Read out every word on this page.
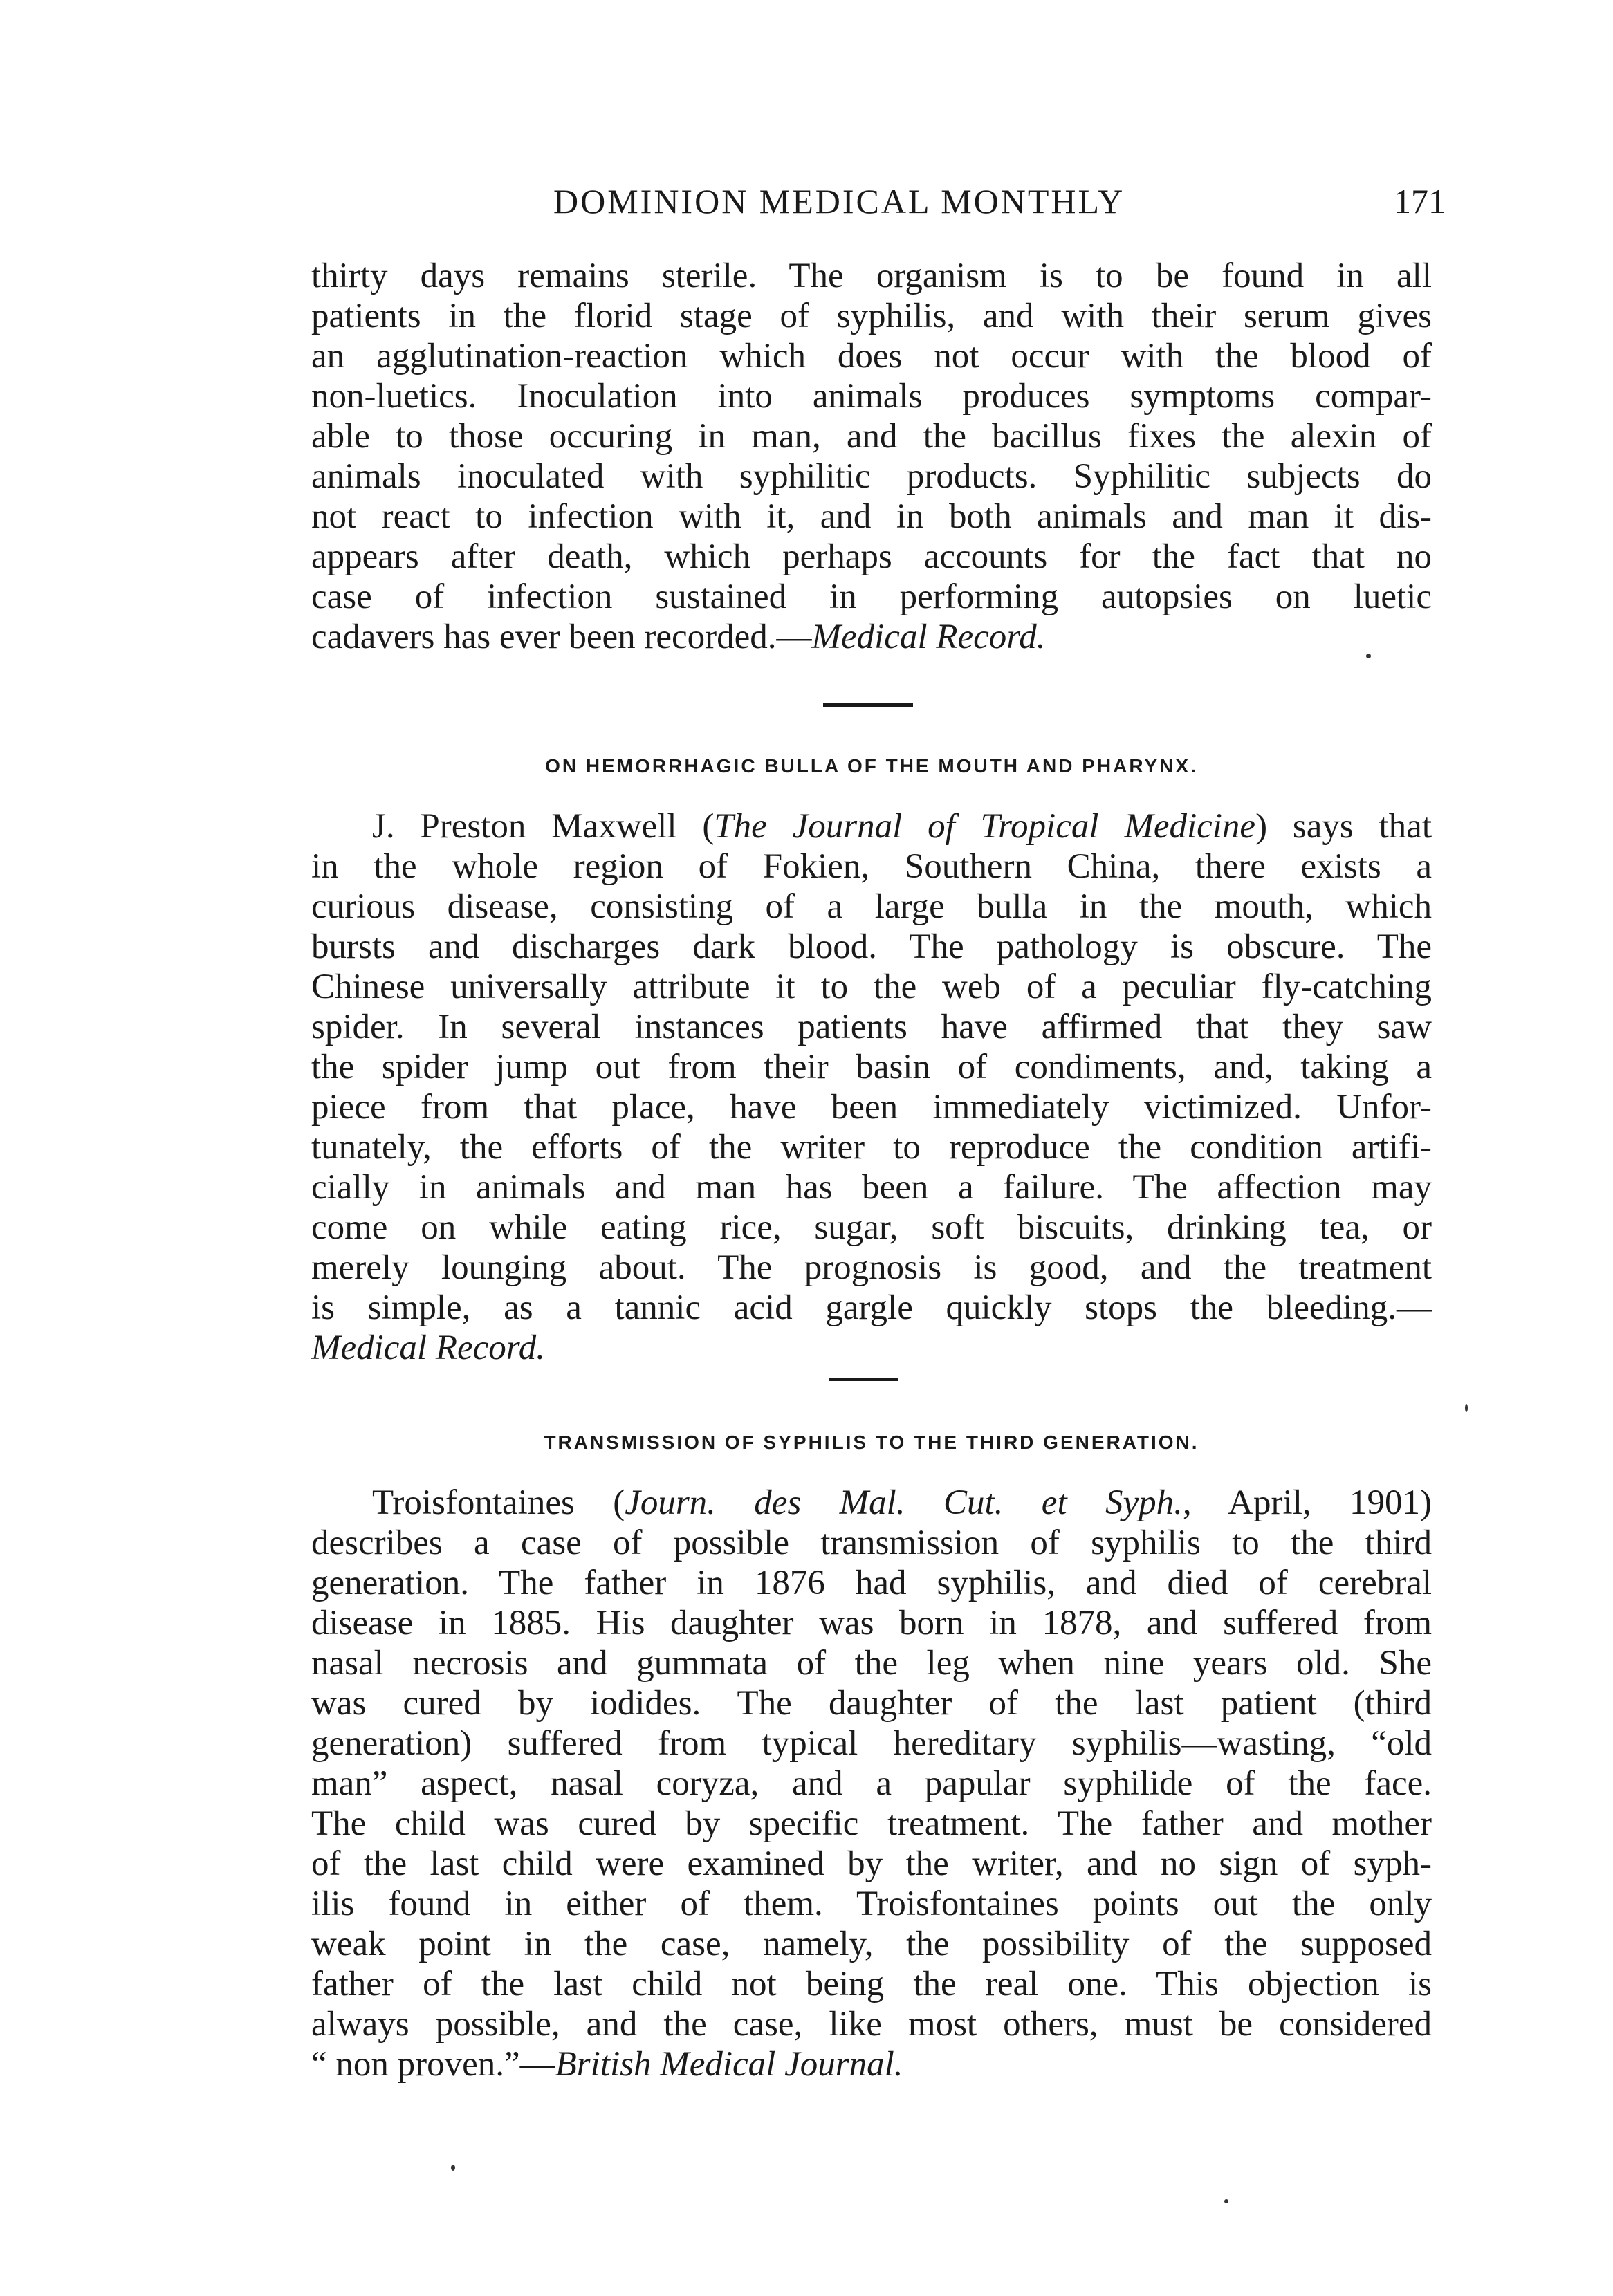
DOMINION MEDICAL MONTHLY	171
thirty days remains sterile. The organism is to be found in all
patients in the florid stage of syphilis, and with their serum gives
an agglutination-reaction which does not occur with the blood of
non-luetics. Inoculation into animals produces symptoms compar-
able to those occuring in man, and the bacillus fixes the alexin of
animals inoculated with syphilitic products. Syphilitic subjects do
not react to infection with it, and in both animals and man it dis-
appears after death, which perhaps accounts for the fact that no
case of infection sustained in performing autopsies on luetic
cadavers has ever been recorded.—Medical Record.
ON HEMORRHAGIC BULLA OF THE MOUTH AND PHARYNX.
J. Preston Maxwell (The Journal of Tropical Medicine) says that
in the whole region of Fokien, Southern China, there exists a
curious disease, consisting of a large bulla in the mouth, which
bursts and discharges dark blood. The pathology is obscure. The
Chinese universally attribute it to the web of a peculiar fly-catching
spider. In several instances patients have affirmed that they saw
the spider jump out from their basin of condiments, and, taking a
piece from that place, have been immediately victimized. Unfor-
tunately, the efforts of the writer to reproduce the condition artifi-
cially in animals and man has been a failure. The affection may
come on while eating rice, sugar, soft biscuits, drinking tea, or
merely lounging about. The prognosis is good, and the treatment
is simple, as a tannic acid gargle quickly stops the bleeding.—
Medical Record.
TRANSMISSION OF SYPHILIS TO THE THIRD GENERATION.
Troisfontaines (Journ. des Mal. Cut. et Syph., April, 1901)
describes a case of possible transmission of syphilis to the third
generation. The father in 1876 had syphilis, and died of cerebral
disease in 1885. His daughter was born in 1878, and suffered from
nasal necrosis and gummata of the leg when nine years old. She
was cured by iodides. The daughter of the last patient (third
generation) suffered from typical hereditary syphilis—wasting, “old
man” aspect, nasal coryza, and a papular syphilide of the face.
The child was cured by specific treatment. The father and mother
of the last child were examined by the writer, and no sign of syph-
ilis found in either of them. Troisfontaines points out the only
weak point in the case, namely, the possibility of the supposed
father of the last child not being the real one. This objection is
always possible, and the case, like most others, must be considered
“ non proven.”—British Medical Journal.
